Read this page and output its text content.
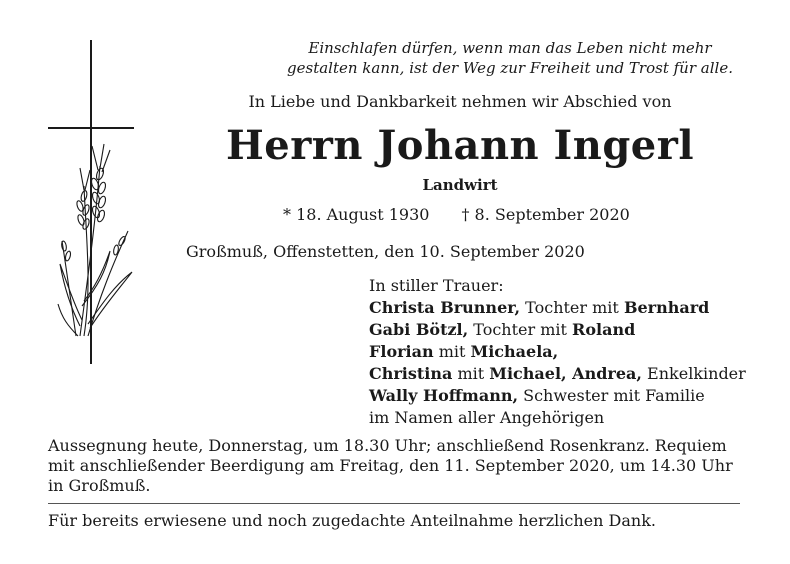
Einschlafen dürfen, wenn man das Leben nicht mehr
gestalten kann, ist der Weg zur Freiheit und Trost für alle.
In Liebe und Dankbarkeit nehmen wir Abschied von
Herrn Johann Ingerl
Landwirt
* 18. August 1930 † 8. September 2020
Großmuß, Offenstetten, den 10. September 2020
In stiller Trauer:
Christa Brunner, Tochter mit Bernhard
Gabi Bötzl, Tochter mit Roland
Florian mit Michaela,
Christina mit Michael, Andrea, Enkelkinder
Wally Hoffmann, Schwester mit Familie
im Namen aller Angehörigen
Aussegnung heute, Donnerstag, um 18.30 Uhr; anschließend Rosenkranz. Requiem mit anschließender Beerdigung am Freitag, den 11. September 2020, um 14.30 Uhr in Großmuß.
Für bereits erwiesene und noch zugedachte Anteilnahme herzlichen Dank.
